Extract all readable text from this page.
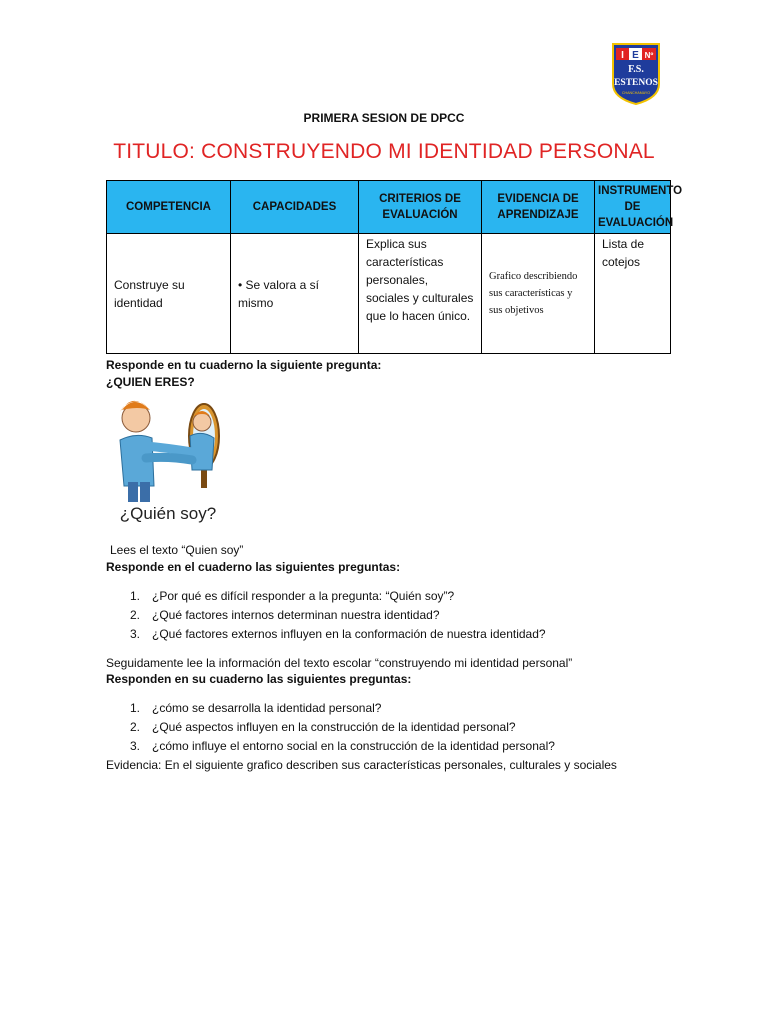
I E Nº
F.S.
ESTENOS
CHANCHAMAYO
PRIMERA SESION DE DPCC
TITULO: CONSTRUYENDO MI IDENTIDAD PERSONAL
COMPETENCIA	CAPACIDADES	CRITERIOS DE EVALUACIÓN	EVIDENCIA DE APRENDIZAJE	INSTRUMENTO DE EVALUACIÓN
Construye su identidad	• Se valora a sí mismo	Explica sus características personales, sociales y culturales que lo hacen único.	Grafico describiendo sus características y sus objetivos	Lista de cotejos
Responde en tu cuaderno la siguiente pregunta:
¿QUIEN ERES?
¿Quién soy?
Lees el texto “Quien soy”
Responde en el cuaderno las siguientes preguntas:
1. ¿Por qué es difícil responder a la pregunta: “Quién soy”?
2. ¿Qué factores internos determinan nuestra identidad?
3. ¿Qué factores externos influyen en la conformación de nuestra identidad?
Seguidamente lee la información del texto escolar “construyendo mi identidad personal”
Responden en su cuaderno las siguientes preguntas:
1. ¿cómo se desarrolla la identidad personal?
2. ¿Qué aspectos influyen en la construcción de la identidad personal?
3. ¿cómo influye el entorno social en la construcción de la identidad personal?
Evidencia: En el siguiente grafico describen sus características personales, culturales y sociales
